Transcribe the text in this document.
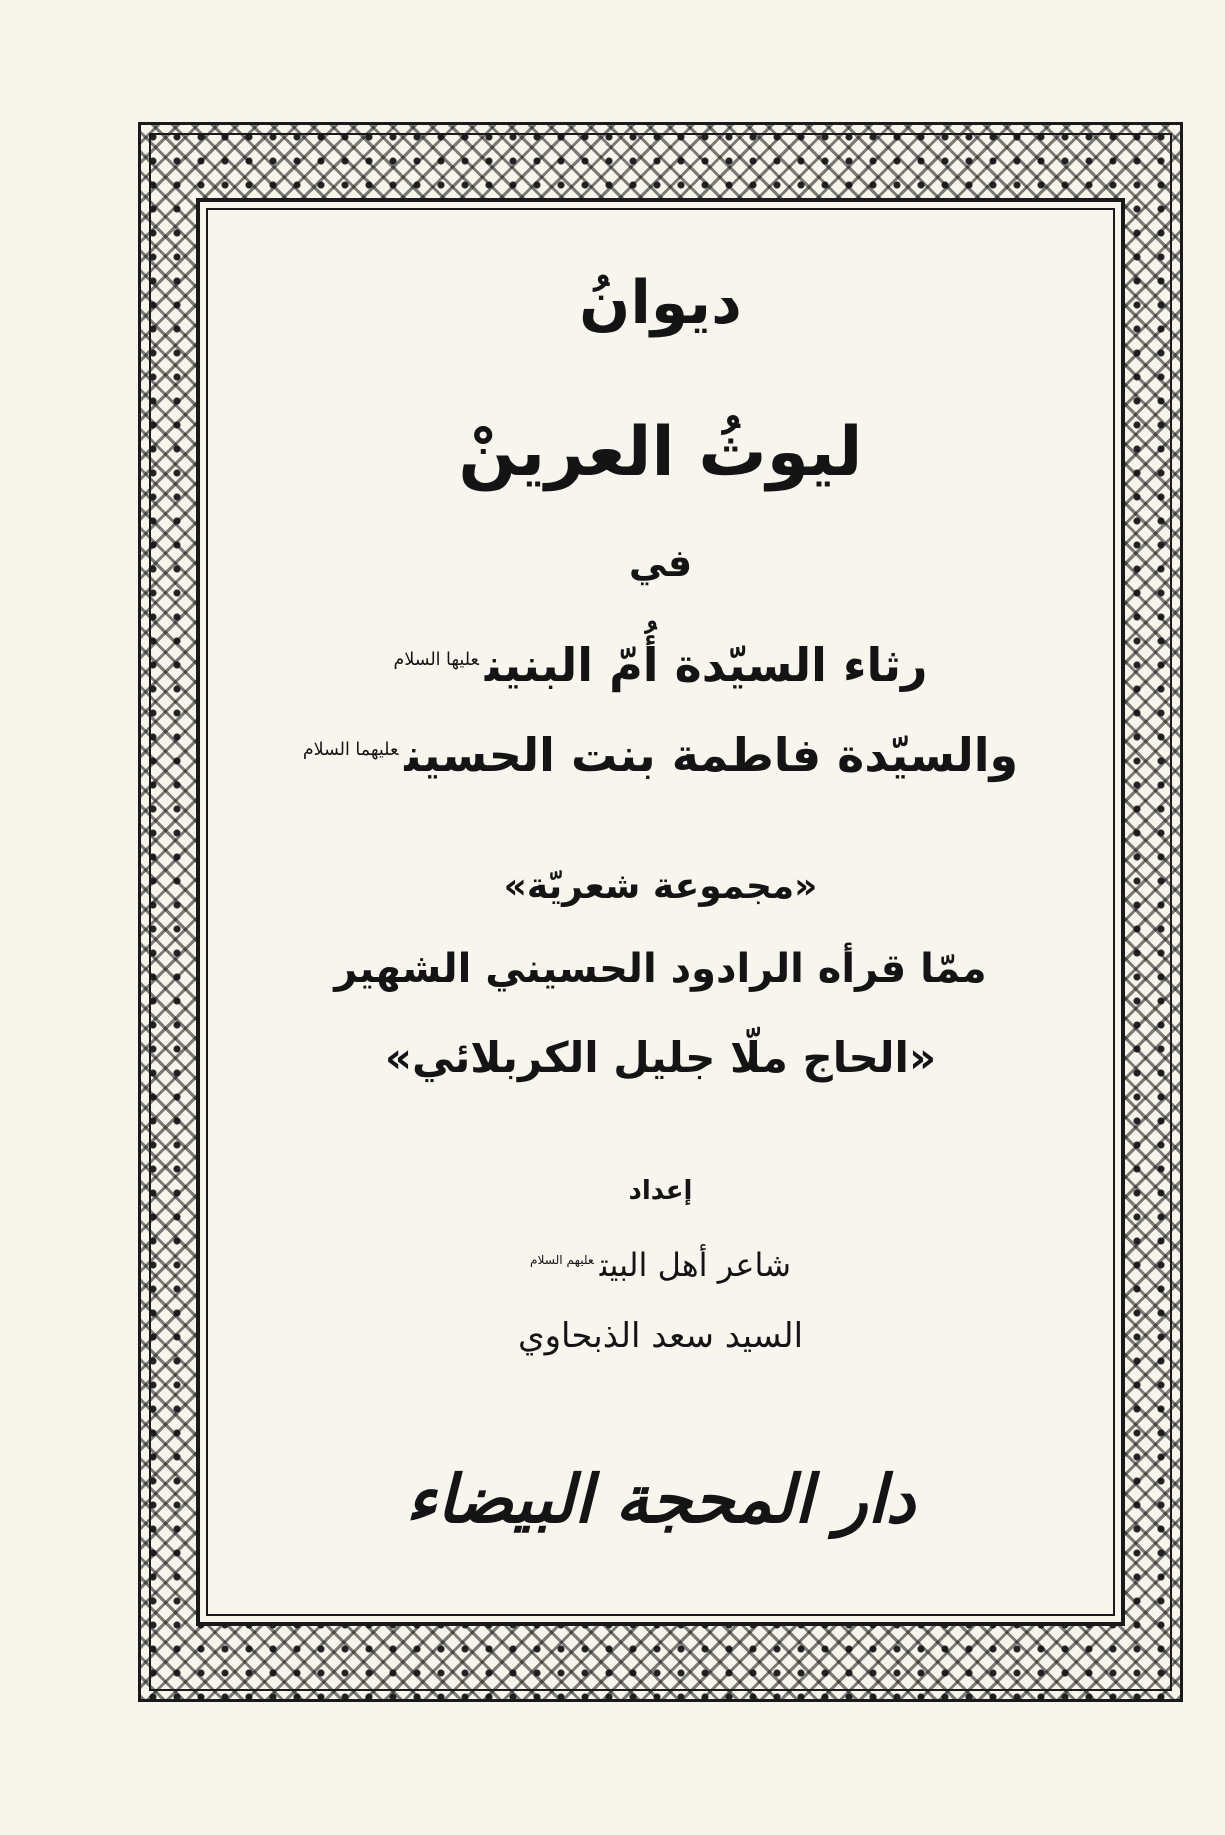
ديوانُ
ليوثُ العرينْ
في
رثاء السيّدة أُمّ البنين$^{عليها السلام}$
والسيّدة فاطمة بنت الحسين$^{عليهما السلام}$
«مجموعة شعريّة»
ممّا قرأه الرادود الحسيني الشهير
«الحاج ملّا جليل الكربلائي»
إعداد
شاعر أهل البيت$^{عليهم السلام}$
السيد سعد الذبحاوي
دار المحجة البيضاء
